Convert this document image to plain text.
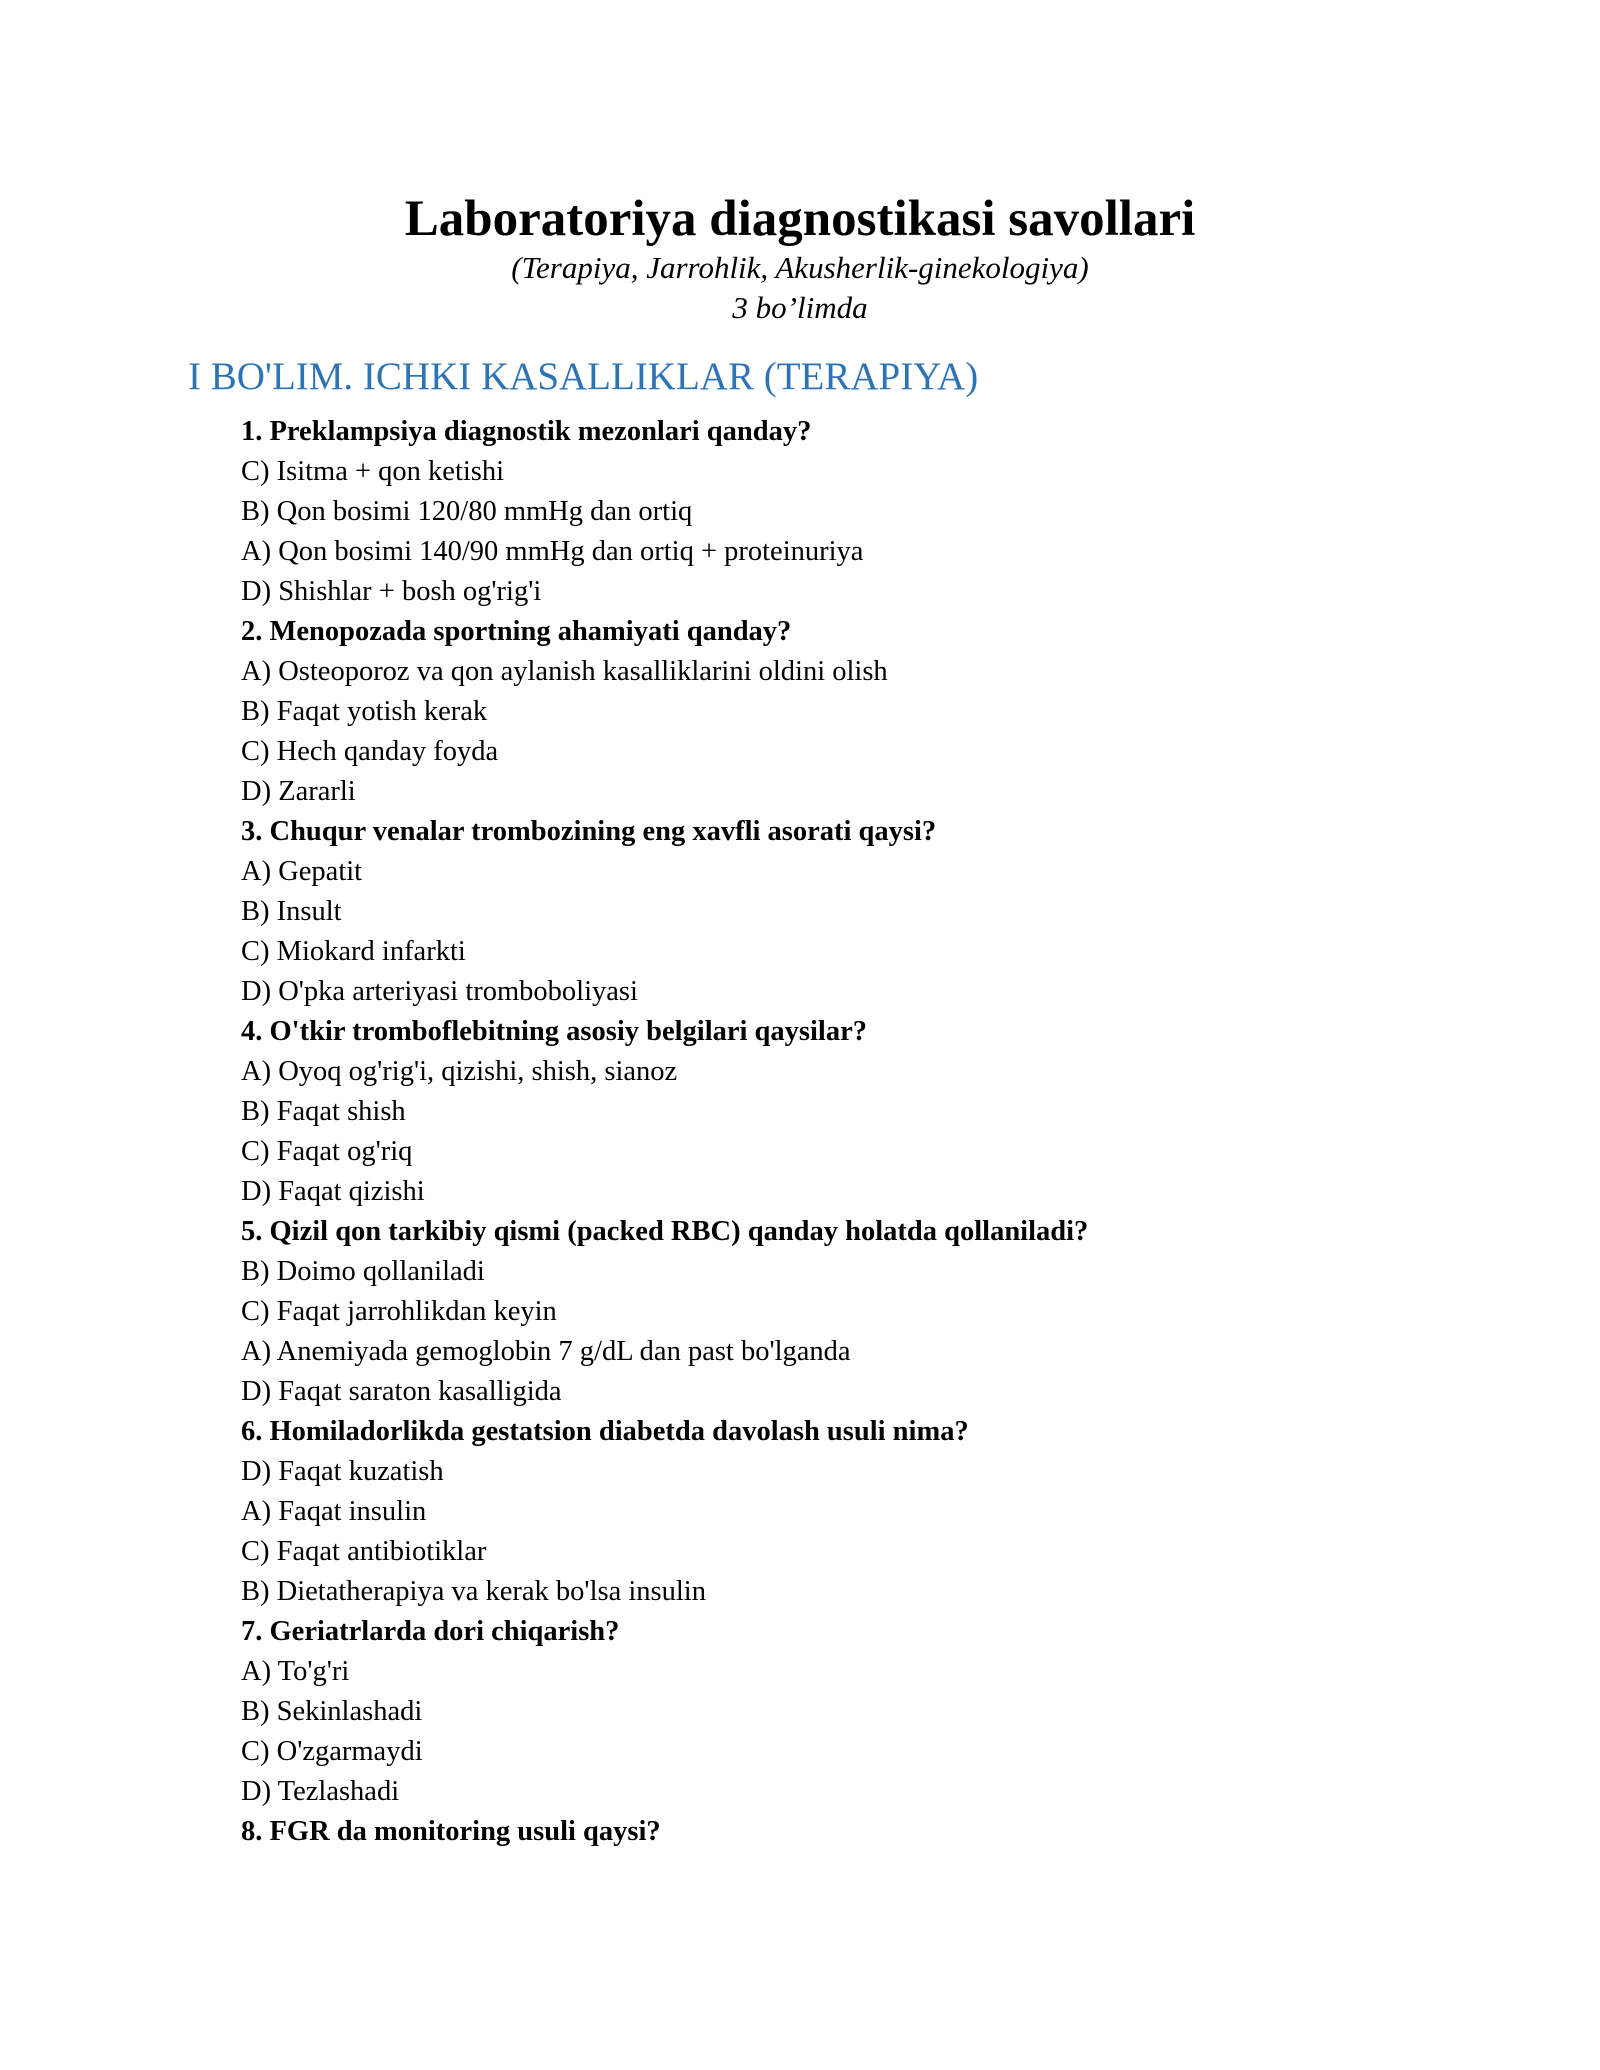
Laboratoriya diagnostikasi savollari
(Terapiya, Jarrohlik, Akusherlik-ginekologiya)
3 bo’limda
I BO'LIM. ICHKI KASALLIKLAR (TERAPIYA)
1. Preklampsiya diagnostik mezonlari qanday?
C) Isitma + qon ketishi
B) Qon bosimi 120/80 mmHg dan ortiq
A) Qon bosimi 140/90 mmHg dan ortiq + proteinuriya
D) Shishlar + bosh og'rig'i
2. Menopozada sportning ahamiyati qanday?
A) Osteoporoz va qon aylanish kasalliklarini oldini olish
B) Faqat yotish kerak
C) Hech qanday foyda
D) Zararli
3. Chuqur venalar trombozining eng xavfli asorati qaysi?
A) Gepatit
B) Insult
C) Miokard infarkti
D) O'pka arteriyasi tromboboliyasi
4. O'tkir tromboflebitning asosiy belgilari qaysilar?
A) Oyoq og'rig'i, qizishi, shish, sianoz
B) Faqat shish
C) Faqat og'riq
D) Faqat qizishi
5. Qizil qon tarkibiy qismi (packed RBC) qanday holatda qollaniladi?
B) Doimo qollaniladi
C) Faqat jarrohlikdan keyin
A) Anemiyada gemoglobin 7 g/dL dan past bo'lganda
D) Faqat saraton kasalligida
6. Homiladorlikda gestatsion diabetda davolash usuli nima?
D) Faqat kuzatish
A) Faqat insulin
C) Faqat antibiotiklar
B) Dietatherapiya va kerak bo'lsa insulin
7. Geriatrlarda dori chiqarish?
A) To'g'ri
B) Sekinlashadi
C) O'zgarmaydi
D) Tezlashadi
8. FGR da monitoring usuli qaysi?
